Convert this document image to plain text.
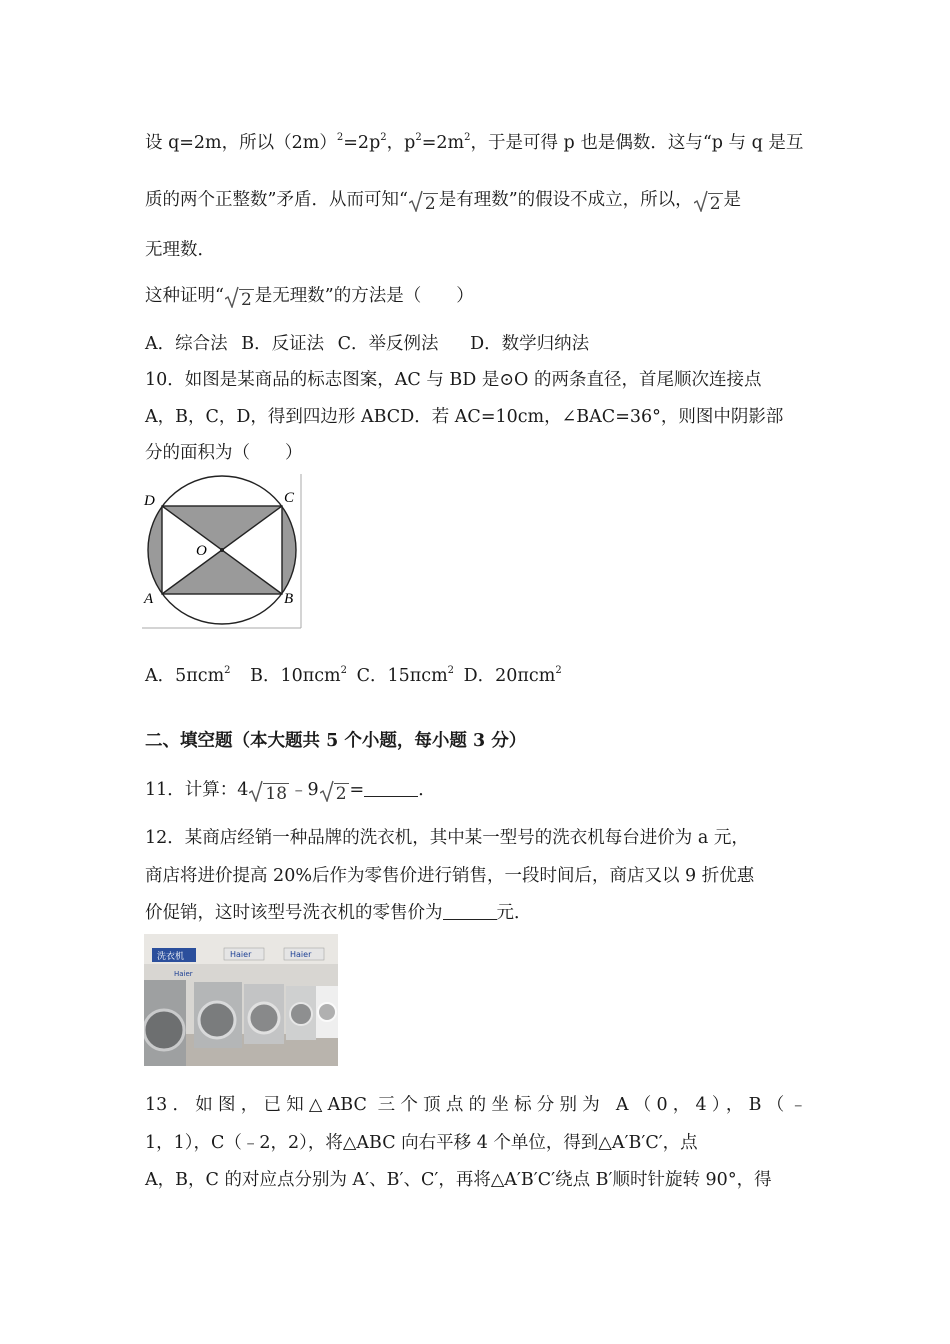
设 q=2m，所以$(2m)^2=2p^2$，$p^2=2m^2$，于是可得 p 也是偶数．这与“p 与 q 是互
质的两个正整数”矛盾．从而可知“ 2 是有理数”的假设不成立，所以， 2 是
无理数．
这种证明“ 2 是无理数”的方法是（　　）
A．综合法 B．反证法 C．举反例法 D．数学归纳法
10．如图是某商品的标志图案，AC 与 BD 是⊙O 的两条直径，首尾顺次连接点
A，B，C，D，得到四边形 ABCD．若 AC=10cm，∠BAC=36°，则图中阴影部
分的面积为（　　）
D	C
O
A	B
A．5πcm$^2$ B．10πcm$^2$ C．15πcm$^2$ D．20πcm$^2$
二、填空题（本大题共 5 个小题，每小题 3 分）
11．计算：4 18 ﹣9 2 =	．
12．某商店经销一种品牌的洗衣机，其中某一型号的洗衣机每台进价为 a 元，
商店将进价提高 20%后作为零售价进行销售，一段时间后，商店又以 9 折优惠
价促销，这时该型号洗衣机的零售价为	元．
洗衣机	Haier	Haier
Haier
13．如图，已知△ABC 三个顶点的坐标分别为 A（0，4），B（﹣
1，1），C（﹣2，2），将△ABC 向右平移 4 个单位，得到△A′B′C′，点
A，B，C 的对应点分别为 A′、B′、C′，再将△A′B′C′绕点 B′顺时针旋转 90°，得
